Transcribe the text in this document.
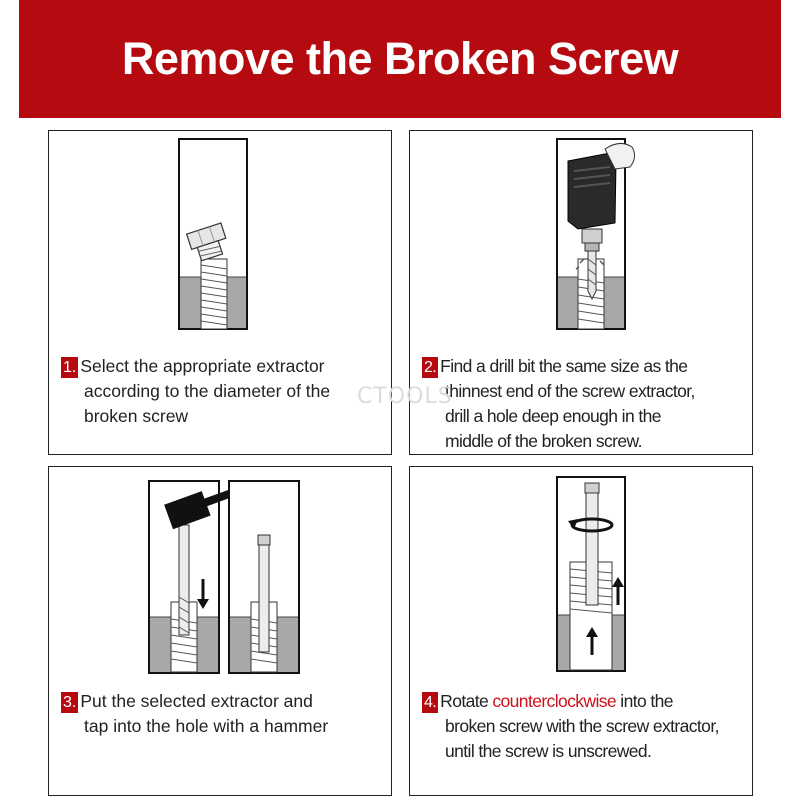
Remove the Broken Screw
1. Select the appropriate extractor
according to the diameter of the
broken screw
2. Find a drill bit the same size as the
thinnest end of the screw extractor,
drill a hole deep enough in the
middle of the broken screw.
3. Put the selected extractor and
tap into the hole with a hammer
4. Rotate counterclockwise into the
broken screw with the screw extractor,
until the screw is unscrewed.
CTOOLS
